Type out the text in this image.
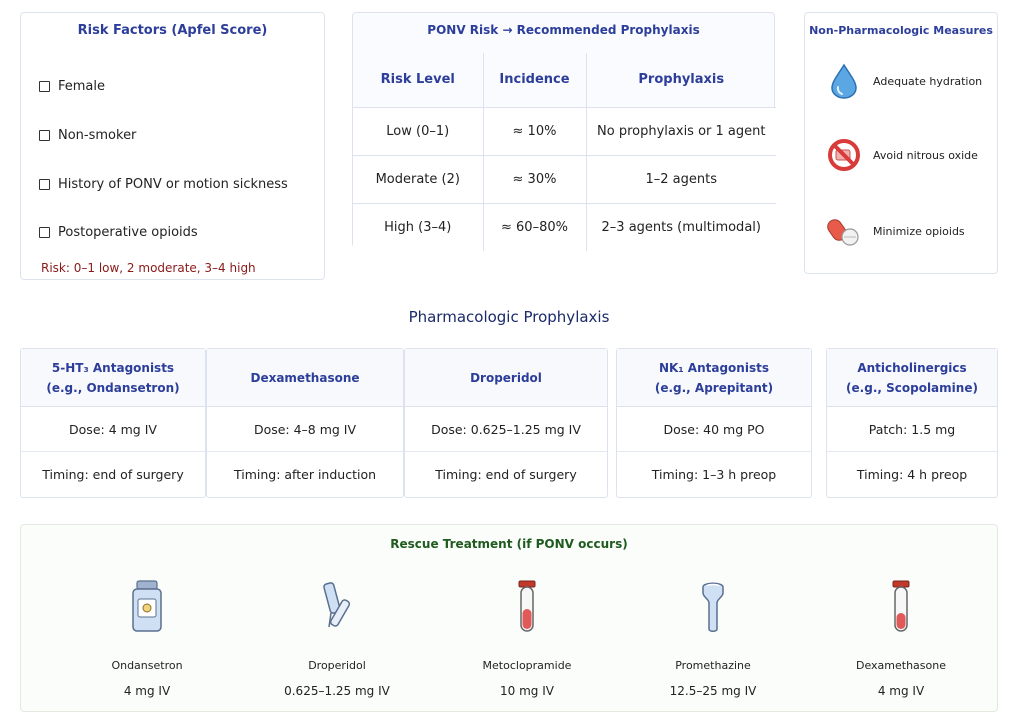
Risk Factors (Apfel Score)
Female
Non-smoker
History of PONV or motion sickness
Postoperative opioids
Risk: 0–1 low, 2 moderate, 3–4 high
PONV Risk → Recommended Prophylaxis
Risk Level	Incidence	Prophylaxis
Low (0–1)	≈ 10%	No prophylaxis or 1 agent
Moderate (2)	≈ 30%	1–2 agents
High (3–4)	≈ 60–80%	2–3 agents (multimodal)
Non-Pharmacologic Measures
Adequate hydration
Avoid nitrous oxide
Minimize opioids
Pharmacologic Prophylaxis
5-HT₃ Antagonists
(e.g., Ondansetron)
Dose: 4 mg IV
Timing: end of surgery
Dexamethasone
Dose: 4–8 mg IV
Timing: after induction
Droperidol
Dose: 0.625–1.25 mg IV
Timing: end of surgery
NK₁ Antagonists
(e.g., Aprepitant)
Dose: 40 mg PO
Timing: 1–3 h preop
Anticholinergics
(e.g., Scopolamine)
Patch: 1.5 mg
Timing: 4 h preop
Rescue Treatment (if PONV occurs)
Ondansetron
4 mg IV
Droperidol
0.625–1.25 mg IV
Metoclopramide
10 mg IV
Promethazine
12.5–25 mg IV
Dexamethasone
4 mg IV
